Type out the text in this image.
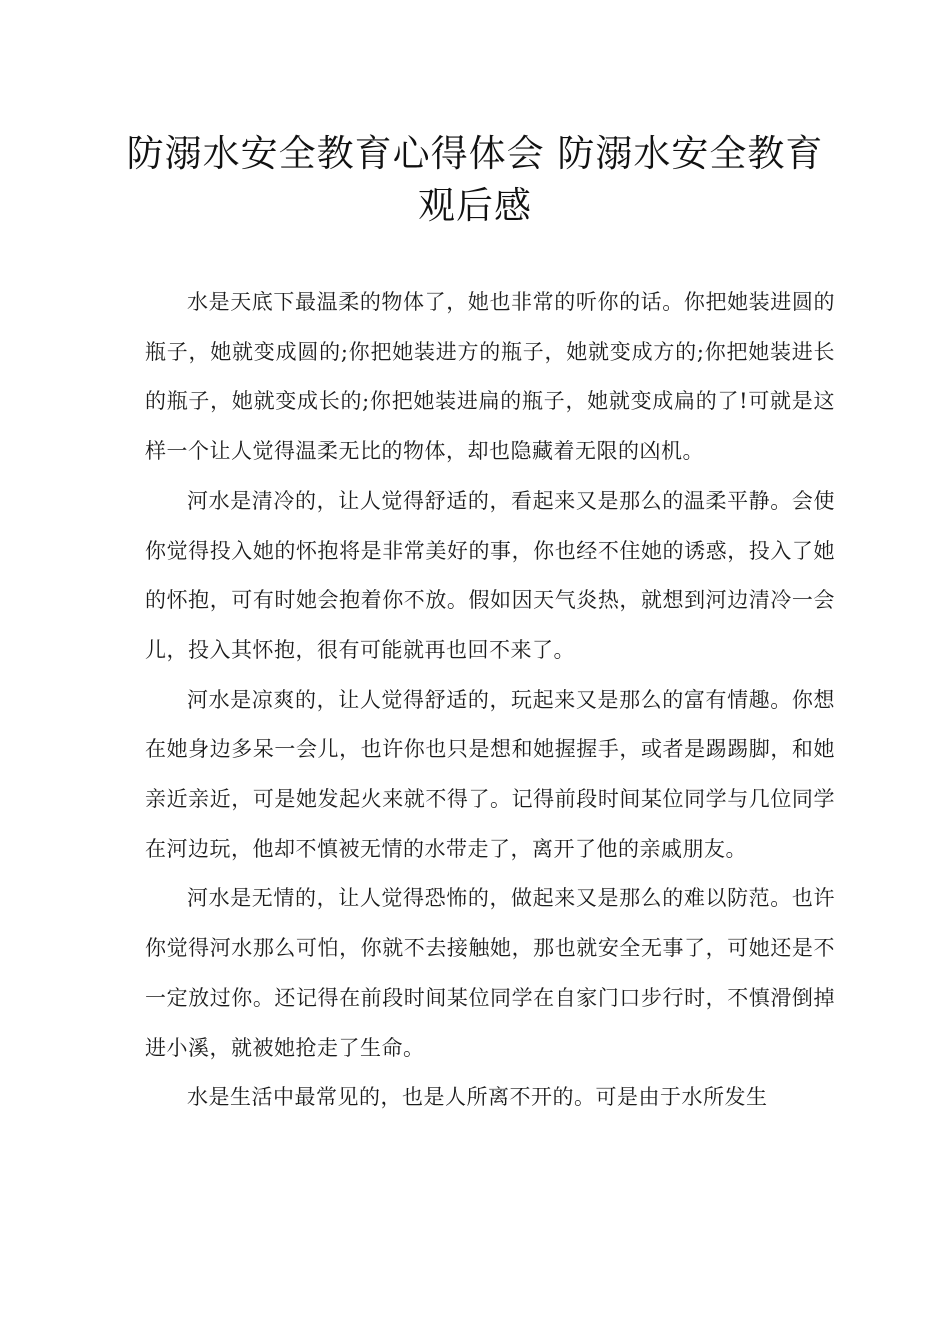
防溺水安全教育心得体会 防溺水安全教育观后感

水是天底下最温柔的物体了，她也非常的听你的话。你把她装进圆的瓶子，她就变成圆的;你把她装进方的瓶子，她就变成方的;你把她装进长的瓶子，她就变成长的;你把她装进扁的瓶子，她就变成扁的了!可就是这样一个让人觉得温柔无比的物体，却也隐藏着无限的凶机。

河水是清冷的，让人觉得舒适的，看起来又是那么的温柔平静。会使你觉得投入她的怀抱将是非常美好的事，你也经不住她的诱惑，投入了她的怀抱，可有时她会抱着你不放。假如因天气炎热，就想到河边清冷一会儿，投入其怀抱，很有可能就再也回不来了。

河水是凉爽的，让人觉得舒适的，玩起来又是那么的富有情趣。你想在她身边多呆一会儿，也许你也只是想和她握握手，或者是踢踢脚，和她亲近亲近，可是她发起火来就不得了。记得前段时间某位同学与几位同学在河边玩，他却不慎被无情的水带走了，离开了他的亲戚朋友。

河水是无情的，让人觉得恐怖的，做起来又是那么的难以防范。也许你觉得河水那么可怕，你就不去接触她，那也就安全无事了，可她还是不一定放过你。还记得在前段时间某位同学在自家门口步行时，不慎滑倒掉进小溪，就被她抢走了生命。

水是生活中最常见的，也是人所离不开的。可是由于水所发生
